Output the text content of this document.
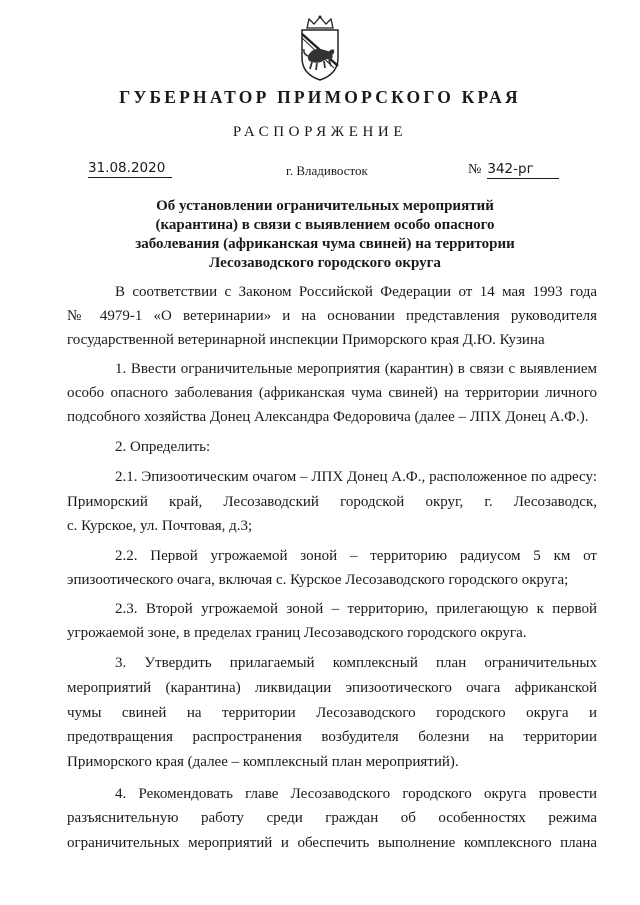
ГУБЕРНАТОР ПРИМОРСКОГО КРАЯ
РАСПОРЯЖЕНИЕ
31.08.2020	г. Владивосток	№ 342-рг
Об установлении ограничительных мероприятий
(карантина) в связи с выявлением особо опасного
заболевания (африканская чума свиней) на территории
Лесозаводского городского округа
В соответствии с Законом Российской Федерации от 14 мая 1993 года
№ 4979-1 «О ветеринарии» и на основании представления руководителя
государственной ветеринарной инспекции Приморского края Д.Ю. Кузина
1. Ввести ограничительные мероприятия (карантин) в связи с выявлением
особо опасного заболевания (африканская чума свиней) на территории личного
подсобного хозяйства Донец Александра Федоровича (далее – ЛПХ Донец А.Ф.).
2. Определить:
2.1. Эпизоотическим очагом – ЛПХ Донец А.Ф., расположенное по адресу:
Приморский край, Лесозаводский городской округ, г. Лесозаводск,
с. Курское, ул. Почтовая, д.3;
2.2. Первой угрожаемой зоной – территорию радиусом 5 км от
эпизоотического очага, включая с. Курское Лесозаводского городского округа;
2.3. Второй угрожаемой зоной – территорию, прилегающую к первой
угрожаемой зоне, в пределах границ Лесозаводского городского округа.
3. Утвердить прилагаемый комплексный план ограничительных
мероприятий (карантина) ликвидации эпизоотического очага африканской
чумы свиней на территории Лесозаводского городского округа и
предотвращения распространения возбудителя болезни на территории
Приморского края (далее – комплексный план мероприятий).
4. Рекомендовать главе Лесозаводского городского округа провести
разъяснительную работу среди граждан об особенностях режима
ограничительных мероприятий и обеспечить выполнение комплексного плана
